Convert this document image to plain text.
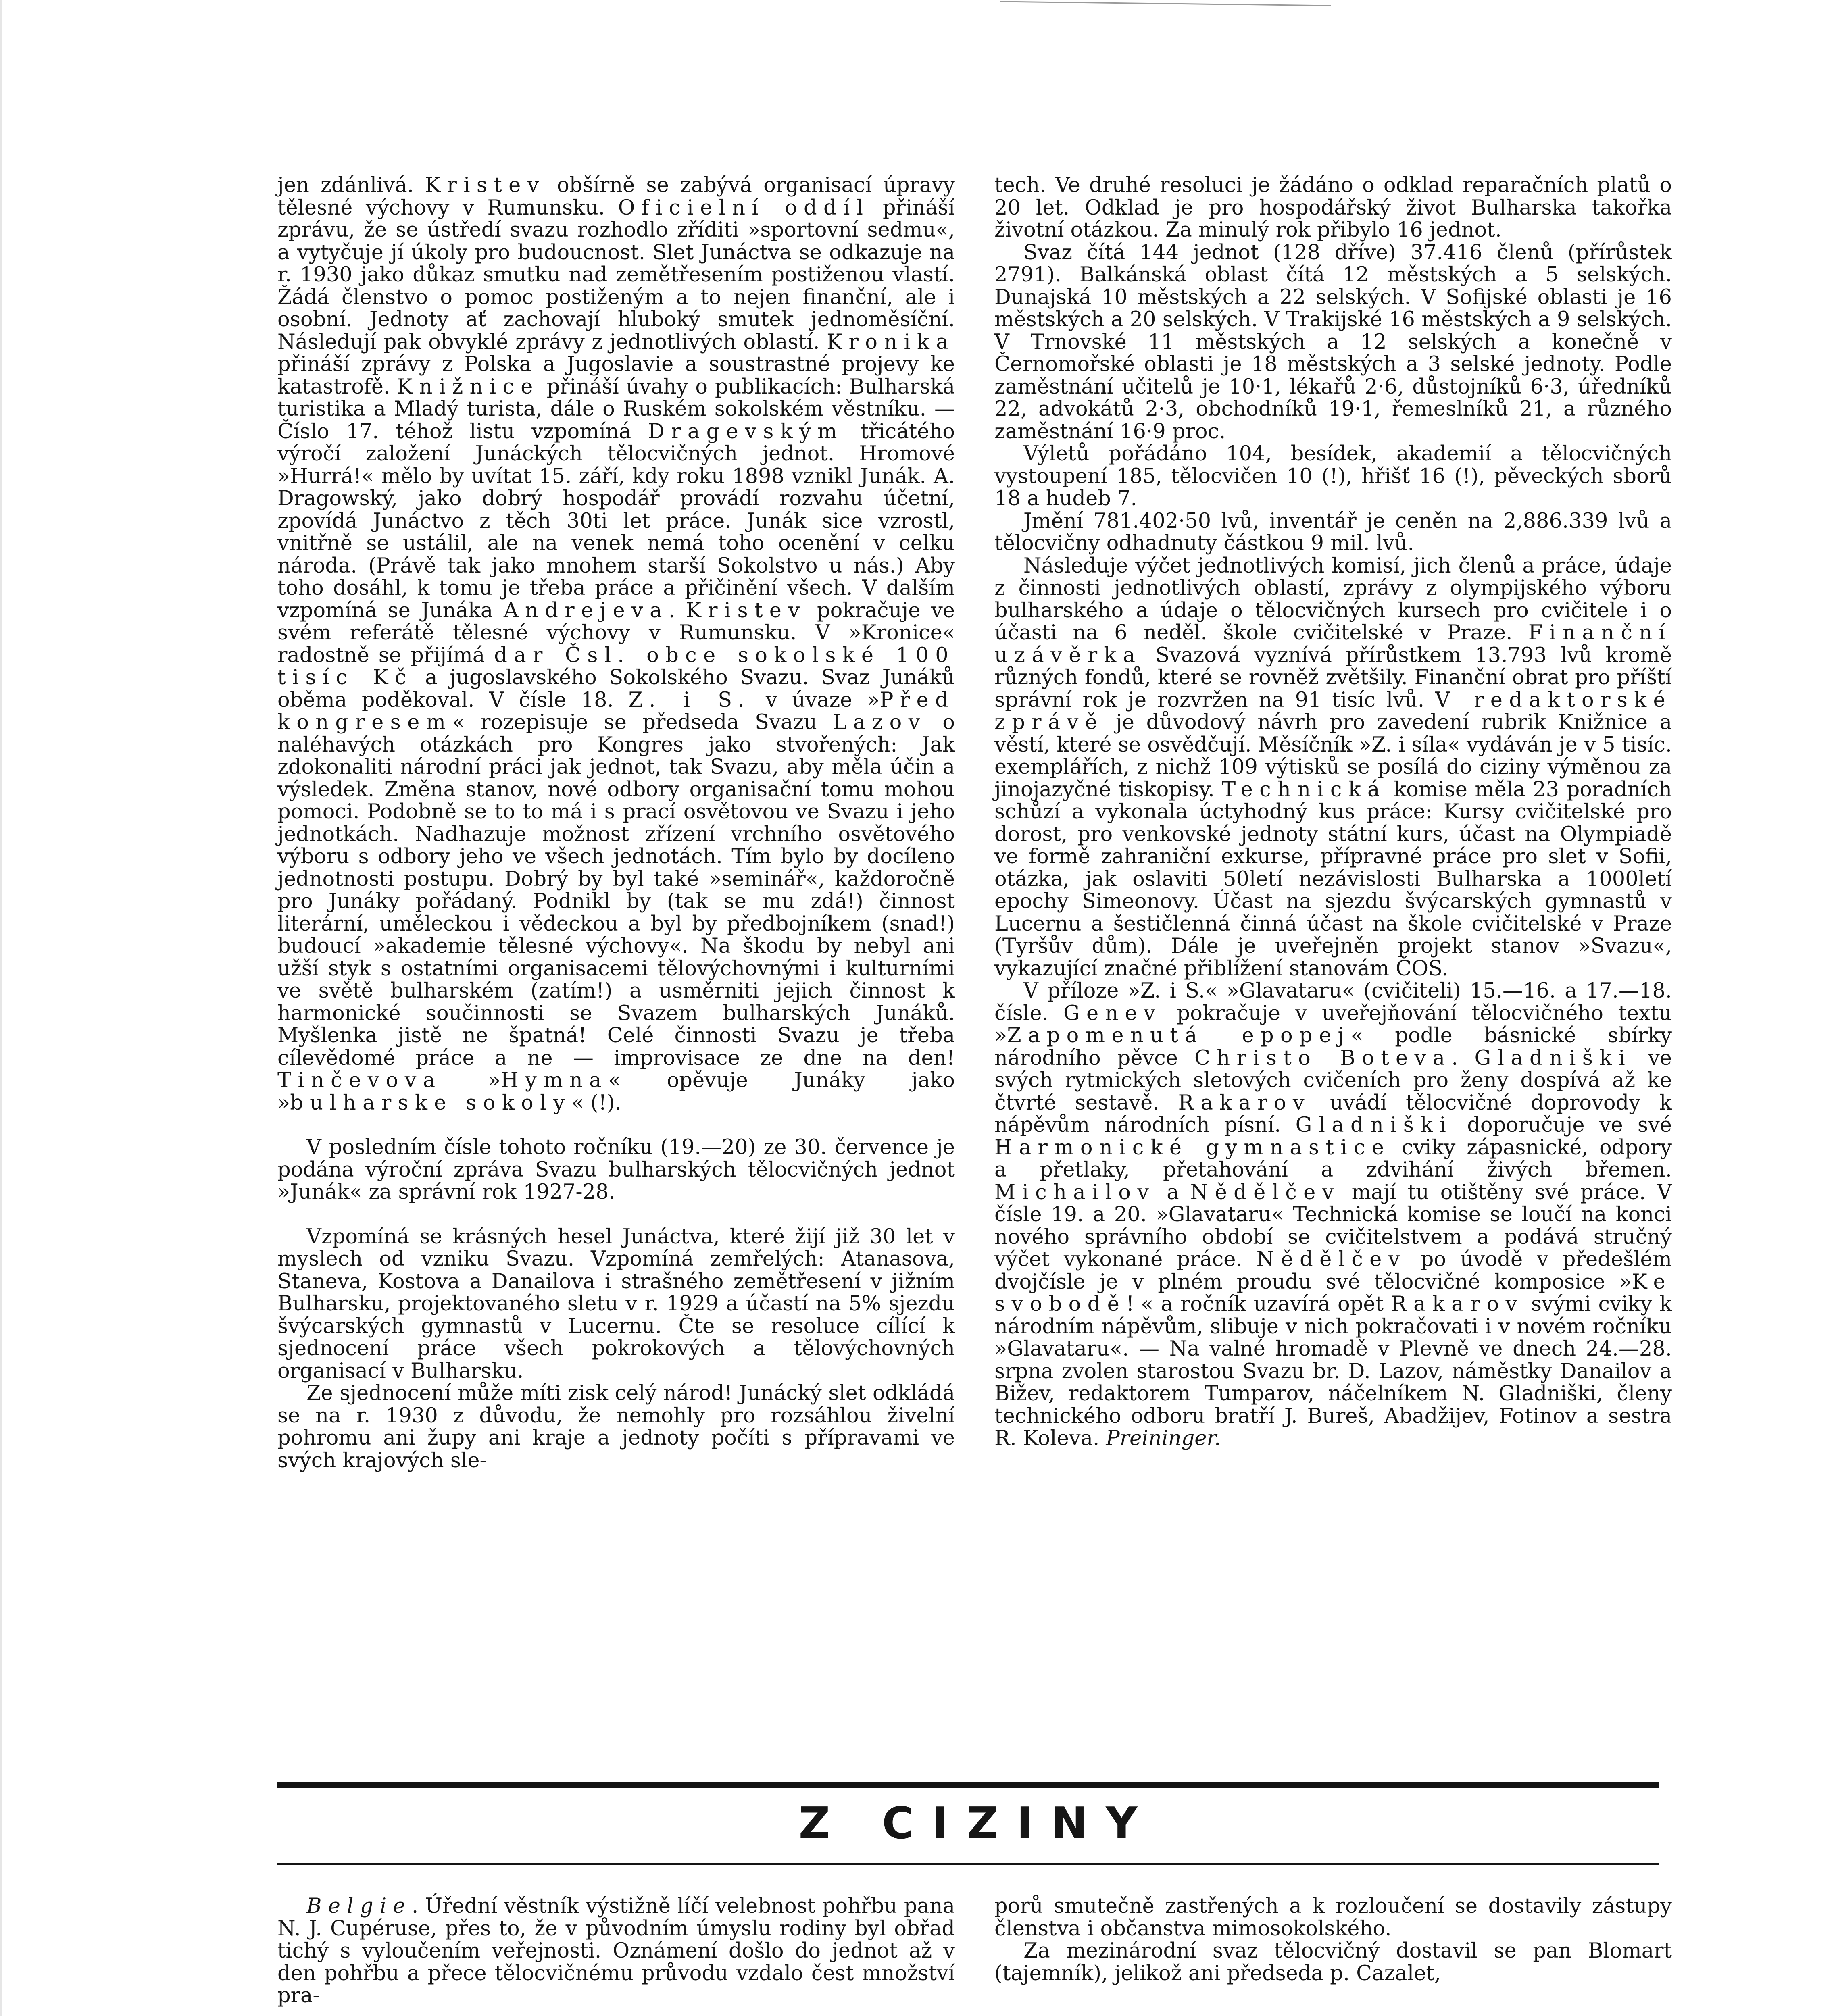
jen zdánlivá. Kristev obšírně se zabývá organisací úpravy tělesné výchovy v Rumunsku. Oficielní oddíl přináší zprávu, že se ústředí svazu rozhodlo zříditi »sportovní sedmu«, a vytyčuje jí úkoly pro budoucnost. Slet Junáctva se odkazuje na r. 1930 jako důkaz smutku nad zemětřesením postiženou vlastí. Žádá členstvo o pomoc postiženým a to nejen finanční, ale i osobní. Jednoty ať zachovají hluboký smutek jednoměsíční. Následují pak obvyklé zprávy z jednotlivých oblastí. Kronika přináší zprávy z Polska a Jugoslavie a soustrastné projevy ke katastrofě. Knižnice přináší úvahy o publikacích: Bulharská turistika a Mladý turista, dále o Ruském sokolském věstníku. — Číslo 17. téhož listu vzpomíná Dragevským třicátého výročí založení Junáckých tělocvičných jednot. Hromové »Hurrá!« mělo by uvítat 15. září, kdy roku 1898 vznikl Junák. A. Dragowský, jako dobrý hospodář provádí rozvahu účetní, zpovídá Junáctvo z těch 30ti let práce. Junák sice vzrostl, vnitřně se ustálil, ale na venek nemá toho ocenění v celku národa. (Právě tak jako mnohem starší Sokolstvo u nás.) Aby toho dosáhl, k tomu je třeba práce a přičinění všech. V dalším vzpomíná se Junáka Andrejeva. Kristev pokračuje ve svém referátě tělesné výchovy v Rumunsku. V »Kronice« radostně se přijímá dar Čsl. obce sokolské 100 tisíc Kč a jugoslavského Sokolského Svazu. Svaz Junáků oběma poděkoval. V čísle 18. Z. i S. v úvaze »Před kongresem« rozepisuje se předseda Svazu Lazov o naléhavých otázkách pro Kongres jako stvořených: Jak zdokonaliti národní práci jak jednot, tak Svazu, aby měla účin a výsledek. Změna stanov, nové odbory organisační tomu mohou pomoci. Podobně se to to má i s prací osvětovou ve Svazu i jeho jednotkách. Nadhazuje možnost zřízení vrchního osvětového výboru s odbory jeho ve všech jednotách. Tím bylo by docíleno jednotnosti postupu. Dobrý by byl také »seminář«, každoročně pro Junáky pořádaný. Podnikl by (tak se mu zdá!) činnost literární, uměleckou i vědeckou a byl by předbojníkem (snad!) budoucí »akademie tělesné výchovy«. Na škodu by nebyl ani užší styk s ostatními organisacemi tělovýchovnými i kulturními ve světě bulharském (zatím!) a usměrniti jejich činnost k harmonické součinnosti se Svazem bulharských Junáků. Myšlenka jistě ne špatná! Celé činnosti Svazu je třeba cílevědomé práce a ne — improvisace ze dne na den! Tinčevova »Hymna« opěvuje Junáky jako »bulharske sokoly« (!).

V posledním čísle tohoto ročníku (19.—20) ze 30. července je podána výroční zpráva Svazu bulharských tělocvičných jednot »Junák« za správní rok 1927-28.

Vzpomíná se krásných hesel Junáctva, které žijí již 30 let v myslech od vzniku Svazu. Vzpomíná zemřelých: Atanasova, Staneva, Kostova a Danailova i strašného zemětřesení v jižním Bulharsku, projektovaného sletu v r. 1929 a účastí na 5% sjezdu švýcarských gymnastů v Lucernu. Čte se resoluce cílící k sjednocení práce všech pokrokových a tělovýchovných organisací v Bulharsku.

Ze sjednocení může míti zisk celý národ! Junácký slet odkládá se na r. 1930 z důvodu, že nemohly pro rozsáhlou živelní pohromu ani župy ani kraje a jednoty počíti s přípravami ve svých krajových sle-

tech. Ve druhé resoluci je žádáno o odklad reparačních platů o 20 let. Odklad je pro hospodářský život Bulharska takořka životní otázkou. Za minulý rok přibylo 16 jednot.

Svaz čítá 144 jednot (128 dříve) 37.416 členů (přírůstek 2791). Balkánská oblast čítá 12 městských a 5 selských. Dunajská 10 městských a 22 selských. V Sofijské oblasti je 16 městských a 20 selských. V Trakijské 16 městských a 9 selských. V Trnovské 11 městských a 12 selských a konečně v Černomořské oblasti je 18 městských a 3 selské jednoty. Podle zaměstnání učitelů je 10·1, lékařů 2·6, důstojníků 6·3, úředníků 22, advokátů 2·3, obchodníků 19·1, řemeslníků 21, a různého zaměstnání 16·9 proc.

Výletů pořádáno 104, besídek, akademií a tělocvičných vystoupení 185, tělocvičen 10 (!), hřišť 16 (!), pěveckých sborů 18 a hudeb 7.

Jmění 781.402·50 lvů, inventář je ceněn na 2,886.339 lvů a tělocvičny odhadnuty částkou 9 mil. lvů.

Následuje výčet jednotlivých komisí, jich členů a práce, údaje z činnosti jednotlivých oblastí, zprávy z olympijského výboru bulharského a údaje o tělocvičných kursech pro cvičitele i o účasti na 6 neděl. škole cvičitelské v Praze. Finanční uzávěrka Svazová vyznívá přírůstkem 13.793 lvů kromě různých fondů, které se rovněž zvětšily. Finanční obrat pro příští správní rok je rozvržen na 91 tisíc lvů. V redaktorské zprávě je důvodový návrh pro zavedení rubrik Knižnice a věstí, které se osvědčují. Měsíčník »Z. i síla« vydáván je v 5 tisíc. exemplářích, z nichž 109 výtisků se posílá do ciziny výměnou za jinojazyčné tiskopisy. Technická komise měla 23 poradních schůzí a vykonala úctyhodný kus práce: Kursy cvičitelské pro dorost, pro venkovské jednoty státní kurs, účast na Olympiadě ve formě zahraniční exkurse, přípravné práce pro slet v Sofii, otázka, jak oslaviti 50letí nezávislosti Bulharska a 1000letí epochy Simeonovy. Účast na sjezdu švýcarských gymnastů v Lucernu a šestičlenná činná účast na škole cvičitelské v Praze (Tyršův dům). Dále je uveřejněn projekt stanov »Svazu«, vykazující značné přiblížení stanovám ČOS.

V příloze »Z. i S.« »Glavataru« (cvičiteli) 15.—16. a 17.—18. čísle. Genev pokračuje v uveřejňování tělocvičného textu »Zapomenutá epopej« podle básnické sbírky národního pěvce Christo Boteva. Gladniški ve svých rytmických sletových cvičeních pro ženy dospívá až ke čtvrté sestavě. Rakarov uvádí tělocvičné doprovody k nápěvům národních písní. Gladniški doporučuje ve své Harmonické gymnastice cviky zápasnické, odpory a přetlaky, přetahování a zdvihání živých břemen. Michailov a Nědělčev mají tu otištěny své práce. V čísle 19. a 20. »Glavataru« Technická komise se loučí na konci nového správního období se cvičitelstvem a podává stručný výčet vykonané práce. Nědělčev po úvodě v předešlém dvojčísle je v plném proudu své tělocvičné komposice »Ke svobodě!« a ročník uzavírá opět Rakarov svými cviky k národním nápěvům, slibuje v nich pokračovati i v novém ročníku »Glavataru«. — Na valné hromadě v Plevně ve dnech 24.—28. srpna zvolen starostou Svazu br. D. Lazov, náměstky Danailov a Bižev, redaktorem Tumparov, náčelníkem N. Gladniški, členy technického odboru bratří J. Bureš, Abadžijev, Fotinov a sestra R. Koleva. Preininger.

Z CIZINY

Belgie. Úřední věstník výstižně líčí velebnost pohřbu pana N. J. Cupéruse, přes to, že v původním úmyslu rodiny byl obřad tichý s vyloučením veřejnosti. Oznámení došlo do jednot až v den pohřbu a přece tělocvičnému průvodu vzdalo čest množství pra-

porů smutečně zastřených a k rozloučení se dostavily zástupy členstva i občanstva mimosokolského.

Za mezinárodní svaz tělocvičný dostavil se pan Blomart (tajemník), jelikož ani předseda p. Cazalet,
